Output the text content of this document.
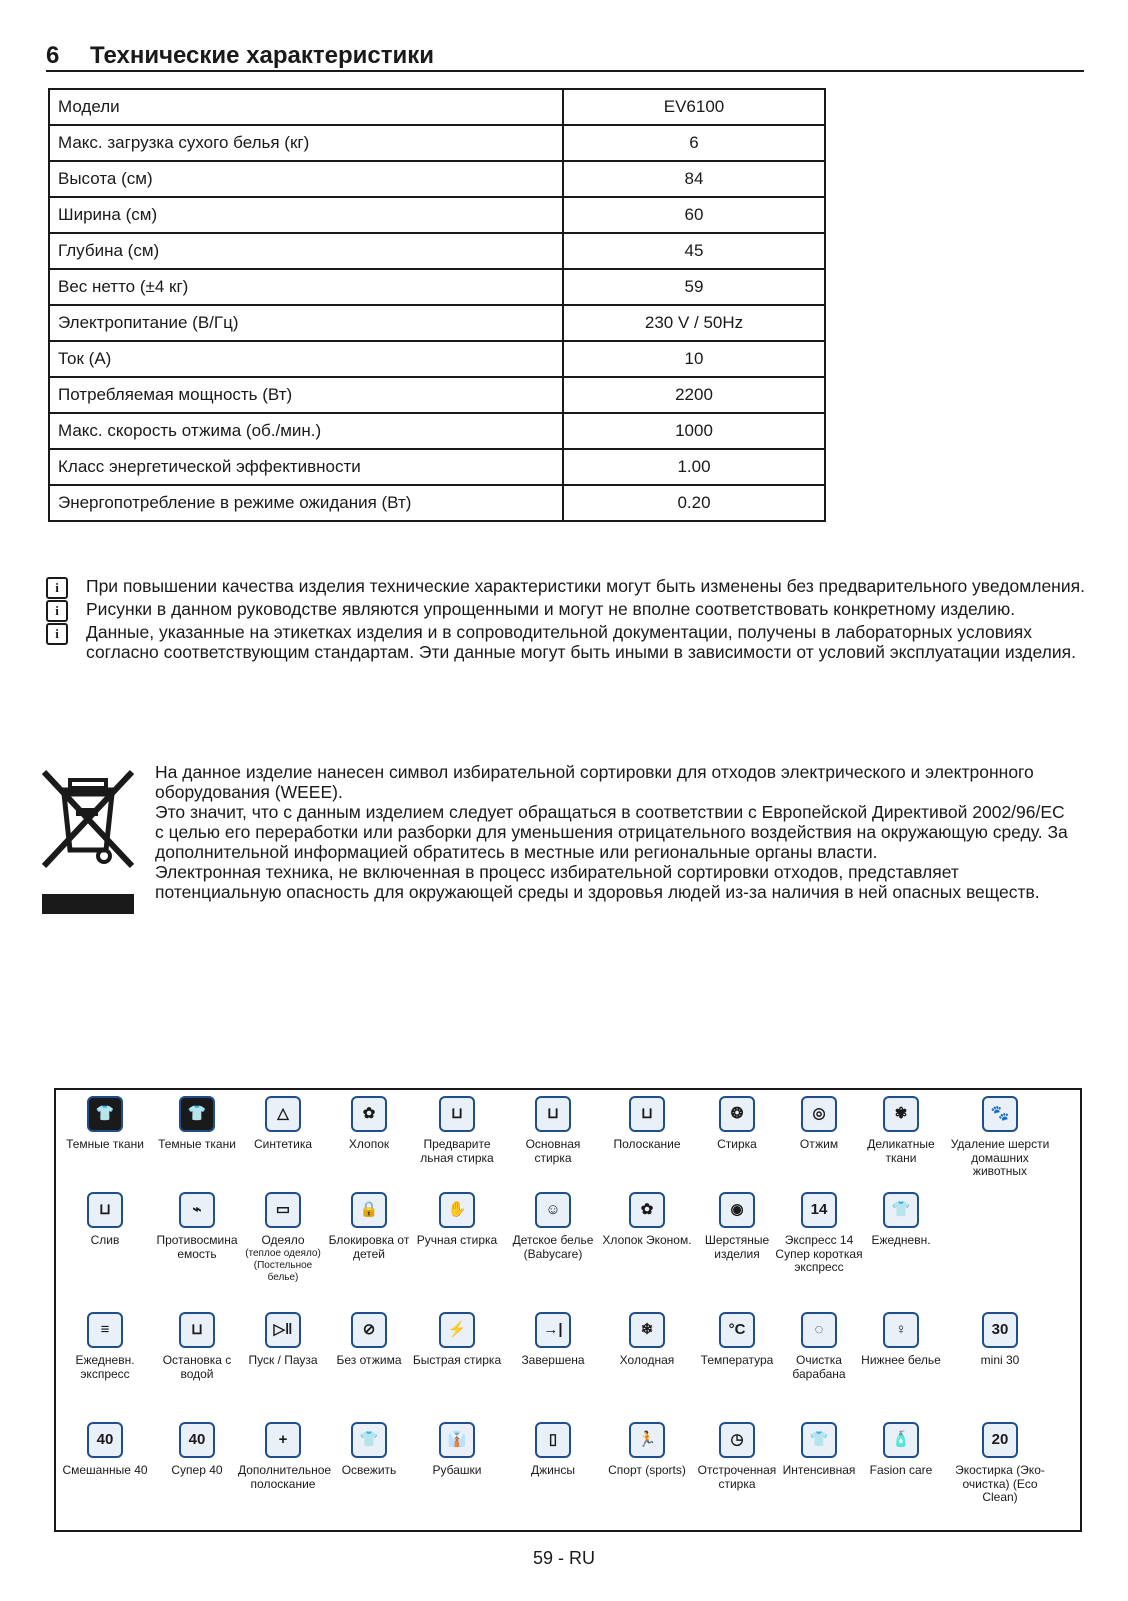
6 Технические характеристики
Модели	EV6100
Макс. загрузка сухого белья (кг)	6
Высота (см)	84
Ширина (см)	60
Глубина (см)	45
Вес нетто (±4 кг)	59
Электропитание (В/Гц)	230 V / 50Hz
Ток (A)	10
Потребляемая мощность (Вт)	2200
Макс. скорость отжима (об./мин.)	1000
Класс энергетической эффективности	1.00
Энергопотребление в режиме ожидания (Вт)	0.20
i	При повышении качества изделия технические характеристики могут быть изменены без предварительного уведомления.
i	Рисунки в данном руководстве являются упрощенными и могут не вполне соответствовать конкретному изделию.
i	Данные, указанные на этикетках изделия и в сопроводительной документации, получены в лабораторных условиях согласно соответствующим стандартам. Эти данные могут быть иными в зависимости от условий эксплуатации изделия.

На данное изделие нанесен символ избирательной сортировки для отходов электрического и электронного оборудования (WEEE).

Это значит, что с данным изделием следует обращаться в соответствии с Европейской Директивой 2002/96/EC с целью его переработки или разборки для уменьшения отрицательного воздействия на окружающую среду. За дополнительной информацией обратитесь в местные или региональные органы власти.

Электронная техника, не включенная в процесс избирательной сортировки отходов, представляет потенциальную опасность для окружающей среды и здоровья людей из-за наличия в ней опасных веществ.

👕
Темные ткани
👕
Темные ткани
△
Синтетика
✿
Хлопок
⊔
Предварите льная стирка
⊔
Основная стирка
⊔
Полоскание
❂
Стирка
◎
Отжим
✾
Деликатные ткани
🐾
Удаление шерсти домашних животных
⊔
Слив
⌁
Противосмина емость
▭
Одеяло
(теплое одеяло) (Постельное белье)
🔒
Блокировка от детей
✋
Ручная стирка
☺
Детское белье (Babycare)
✿
Хлопок Эконом.
◉
Шерстяные изделия
14
Экспресс 14
Супер короткая экспресс
👕
Ежедневн.
≡
Ежедневн. экспресс
⊔
Остановка с водой
▷‖
Пуск / Пауза
⊘
Без отжима
⚡
Быстрая стирка
→|
Завершена
❄
Холодная
°C
Температура
◌
Очистка барабана
♀
Нижнее белье
30
mini 30
40
Смешанные 40
40
Супер 40
+
Дополнительное полоскание
👕
Освежить
👔
Рубашки
▯
Джинсы
🏃
Спорт (sports)
◷
Отстроченная стирка
👕
Интенсивная
🧴
Fasion care
20
Экостирка (Эко-очистка) (Eco Clean)
59 - RU
